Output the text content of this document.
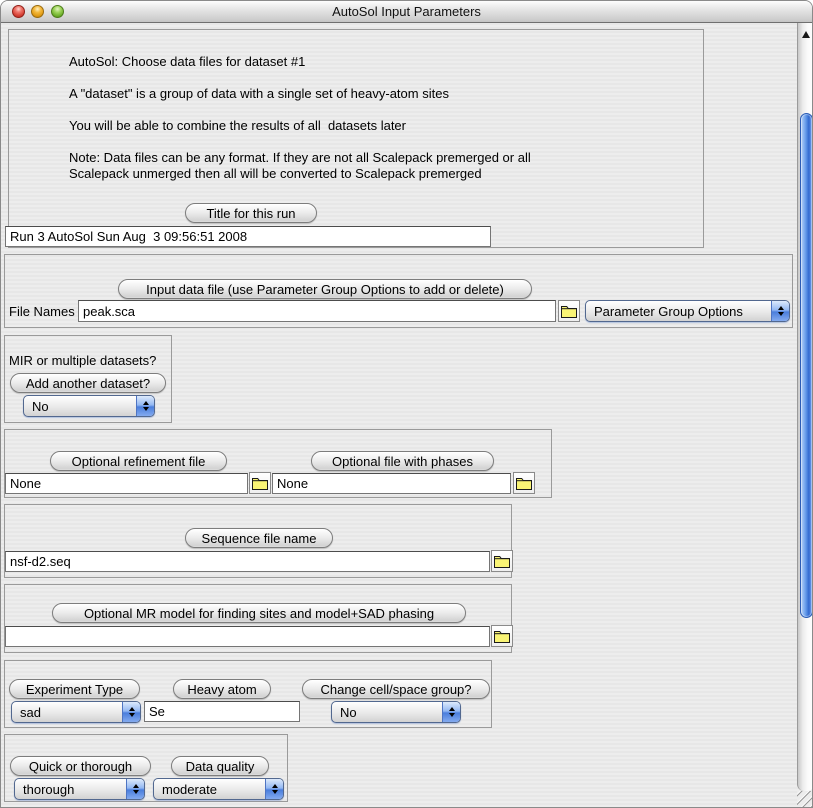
AutoSol Input Parameters
AutoSol: Choose data files for dataset #1
A "dataset" is a group of data with a single set of heavy-atom sites
You will be able to combine the results of all  datasets later
Note: Data files can be any format. If they are not all Scalepack premerged or all
Scalepack unmerged then all will be converted to Scalepack premerged
Title for this run
Run 3 AutoSol Sun Aug 3 09:56:51 2008
Input data file (use Parameter Group Options to add or delete)
File Names
peak.sca	Parameter Group Options
MIR or multiple datasets?
Add another dataset?
No
Optional refinement file	Optional file with phases
None
None
Sequence file name
nsf-d2.seq
Optional MR model for finding sites and model+SAD phasing
Experiment Type	Heavy atom	Change cell/space group?
sad
Se	No
Quick or thorough	Data quality
thorough	moderate
